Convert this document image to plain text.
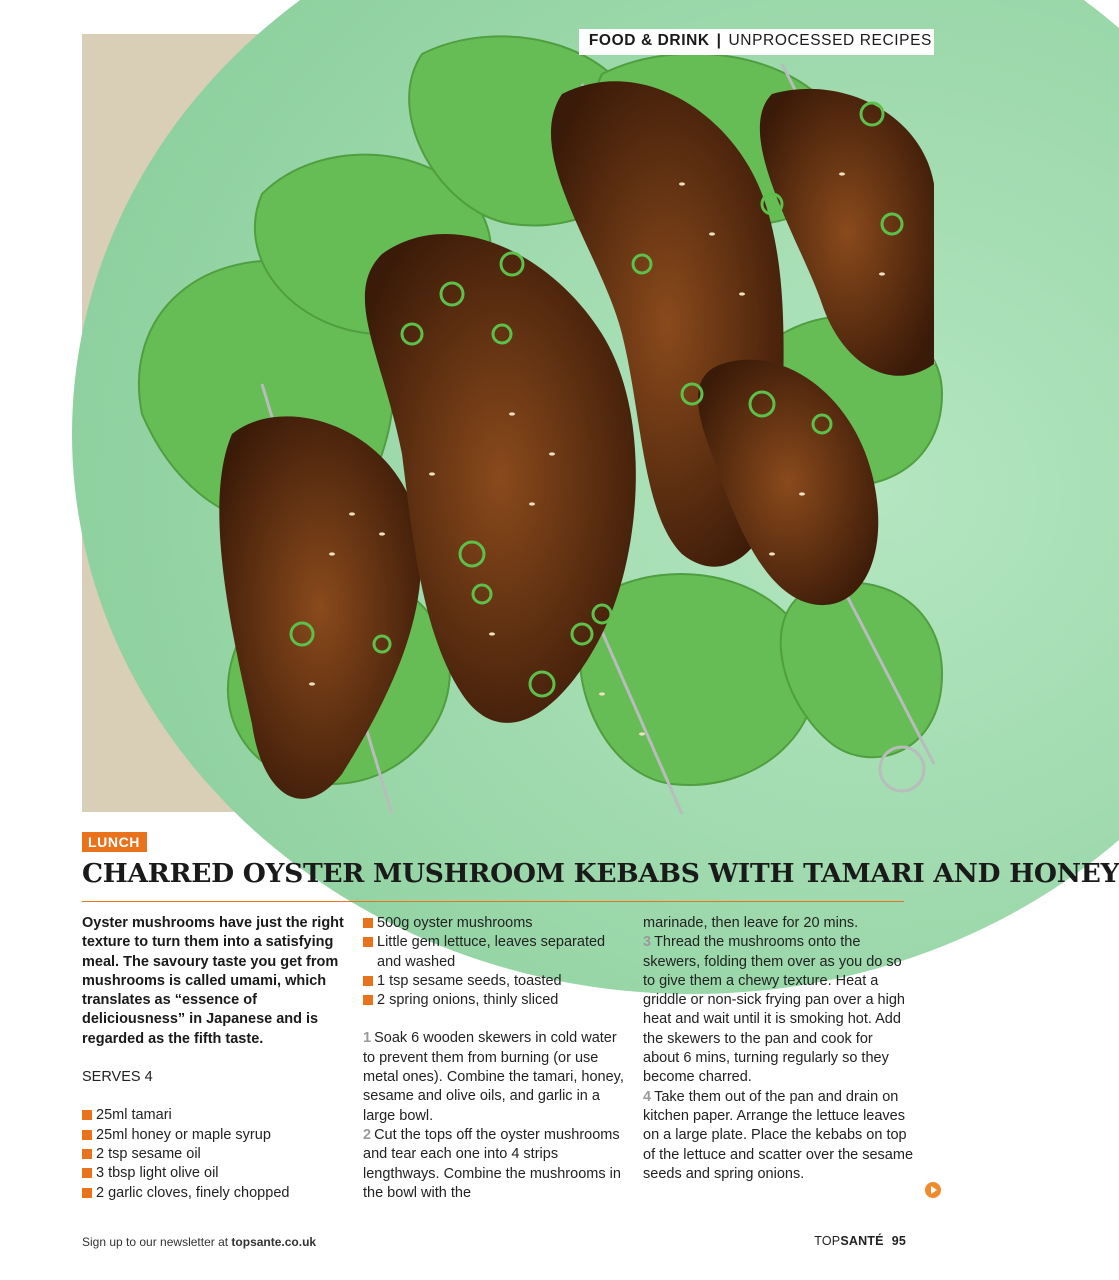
FOOD & DRINK | UNPROCESSED RECIPES
LUNCH
CHARRED OYSTER MUSHROOM KEBABS WITH TAMARI AND HONEY

Oyster mushrooms have just the right texture to turn them into a satisfying meal. The savoury taste you get from mushrooms is called umami, which translates as “essence of deliciousness” in Japanese and is regarded as the fifth taste.

SERVES 4

25ml tamari
25ml honey or maple syrup
2 tsp sesame oil
3 tbsp light olive oil
2 garlic cloves, finely chopped
500g oyster mushrooms
Little gem lettuce, leaves separated and washed
1 tsp sesame seeds, toasted
2 spring onions, thinly sliced

1 Soak 6 wooden skewers in cold water to prevent them from burning (or use metal ones). Combine the tamari, honey, sesame and olive oils, and garlic in a large bowl.

2 Cut the tops off the oyster mushrooms and tear each one into 4 strips lengthways. Combine the mushrooms in the bowl with the

marinade, then leave for 20 mins.

3 Thread the mushrooms onto the skewers, folding them over as you do so to give them a chewy texture. Heat a griddle or non-sick frying pan over a high heat and wait until it is smoking hot. Add the skewers to the pan and cook for about 6 mins, turning regularly so they become charred.

4 Take them out of the pan and drain on kitchen paper. Arrange the lettuce leaves on a large plate. Place the kebabs on top of the lettuce and scatter over the sesame seeds and spring onions.

Sign up to our newsletter at topsante.co.uk	TOPSANTÉ 95
